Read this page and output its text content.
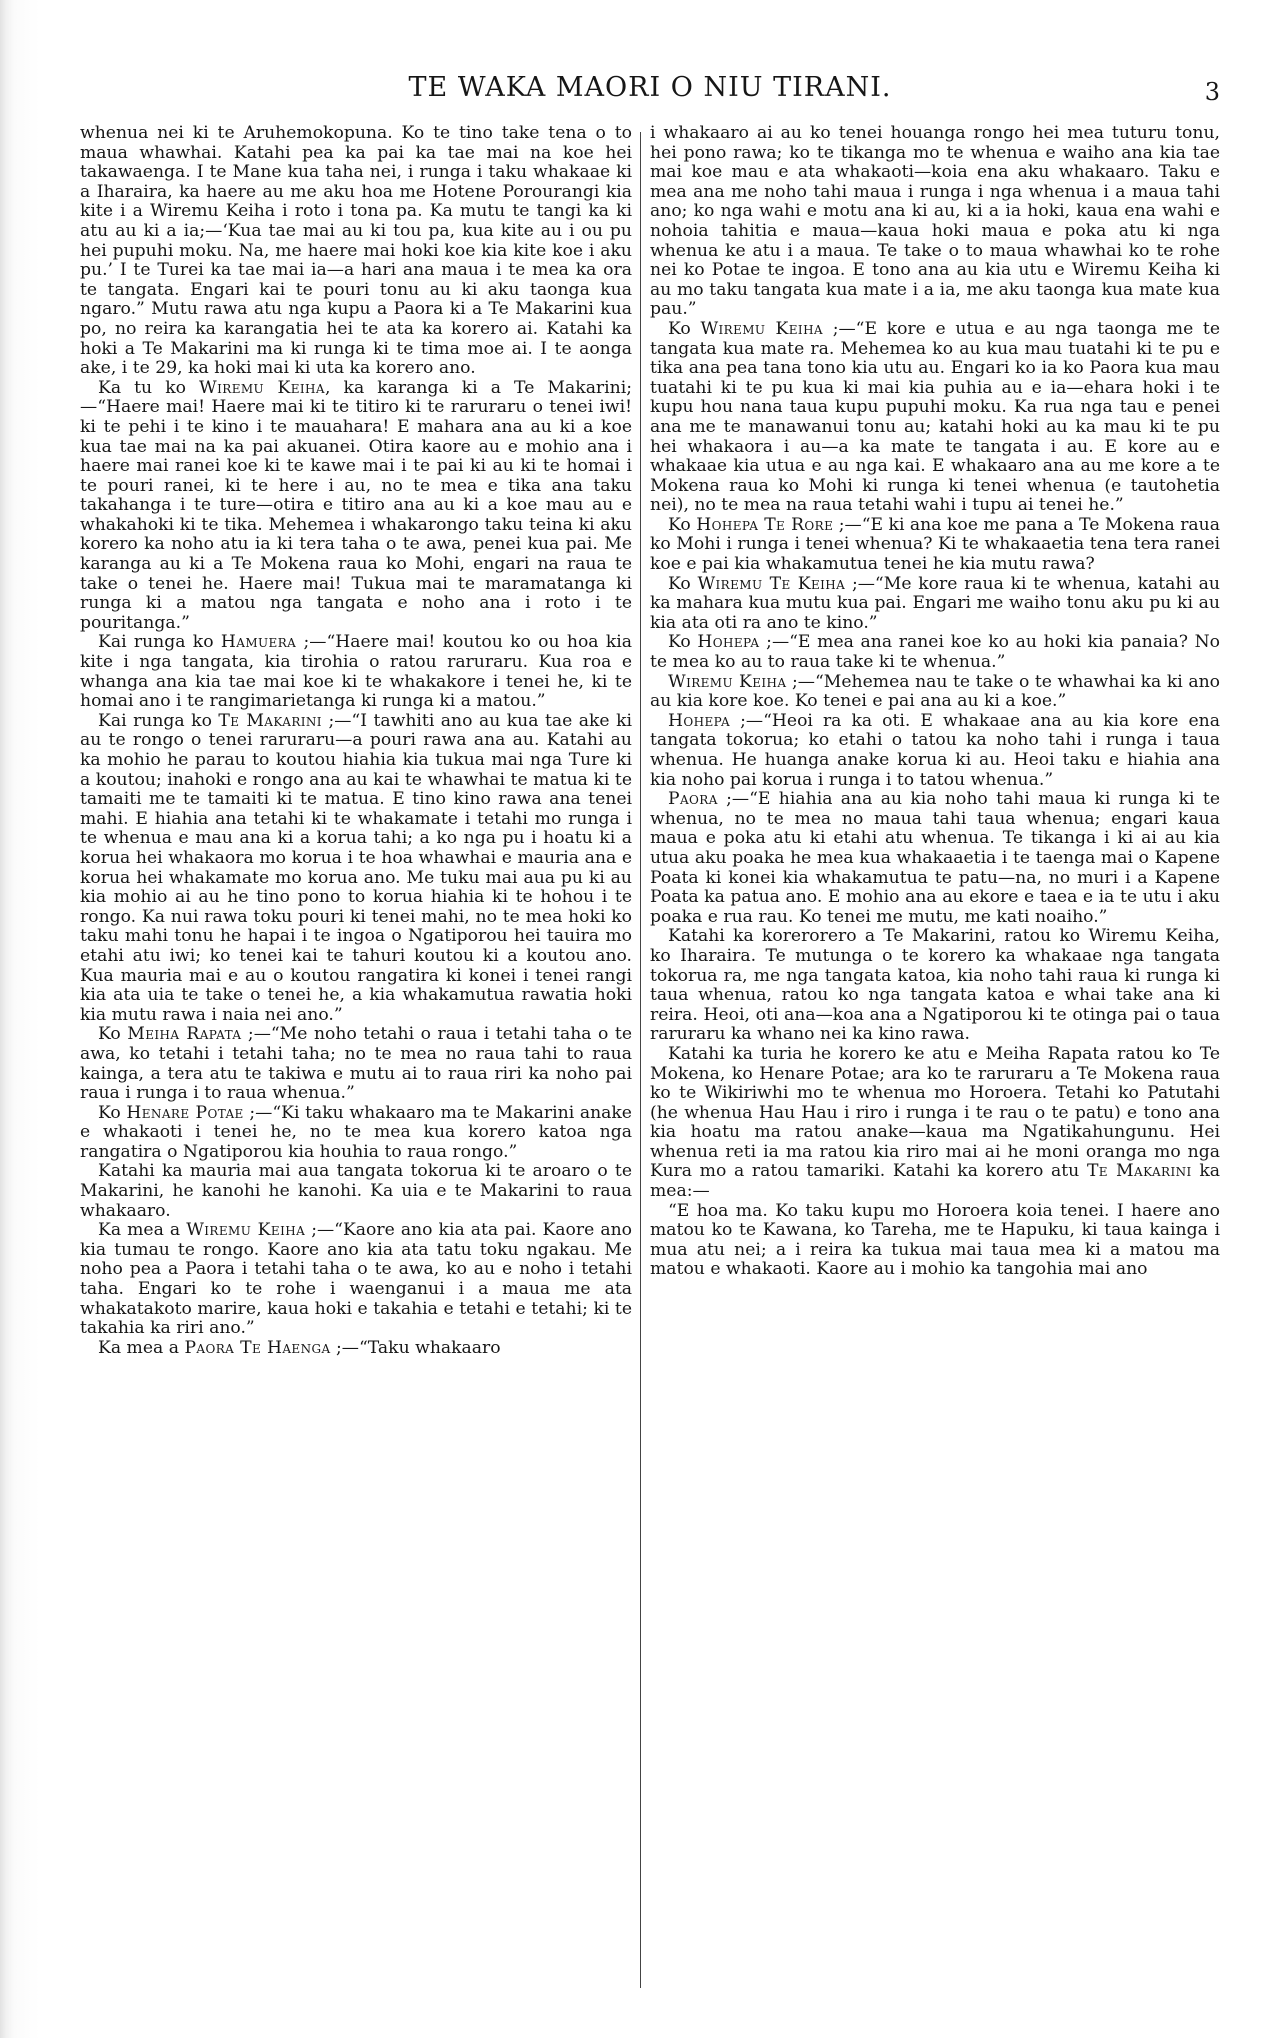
TE WAKA MAORI O NIU TIRANI.	3

whenua nei ki te Aruhemokopuna. Ko te tino take tena o to maua whawhai. Katahi pea ka pai ka tae mai na koe hei takawaenga. I te Mane kua taha nei, i runga i taku whakaae ki a Iharaira, ka haere au me aku hoa me Hotene Porourangi kia kite i a Wiremu Keiha i roto i tona pa. Ka mutu te tangi ka ki atu au ki a ia;—‘Kua tae mai au ki tou pa, kua kite au i ou pu hei pupuhi moku. Na, me haere mai hoki koe kia kite koe i aku pu.’ I te Turei ka tae mai ia—a hari ana maua i te mea ka ora te tangata. Engari kai te pouri tonu au ki aku taonga kua ngaro.” Mutu rawa atu nga kupu a Paora ki a Te Makarini kua po, no reira ka karangatia hei te ata ka korero ai. Katahi ka hoki a Te Makarini ma ki runga ki te tima moe ai. I te aonga ake, i te 29, ka hoki mai ki uta ka korero ano.

Ka tu ko Wiremu Keiha, ka karanga ki a Te Makarini;—“Haere mai! Haere mai ki te titiro ki te raruraru o tenei iwi! ki te pehi i te kino i te mauahara! E mahara ana au ki a koe kua tae mai na ka pai akuanei. Otira kaore au e mohio ana i haere mai ranei koe ki te kawe mai i te pai ki au ki te homai i te pouri ranei, ki te here i au, no te mea e tika ana taku takahanga i te ture—otira e titiro ana au ki a koe mau au e whakahoki ki te tika. Mehemea i whakarongo taku teina ki aku korero ka noho atu ia ki tera taha o te awa, penei kua pai. Me karanga au ki a Te Mokena raua ko Mohi, engari na raua te take o tenei he. Haere mai! Tukua mai te maramatanga ki runga ki a matou nga tangata e noho ana i roto i te pouritanga.”

Kai runga ko Hamuera ;—“Haere mai! koutou ko ou hoa kia kite i nga tangata, kia tirohia o ratou raruraru. Kua roa e whanga ana kia tae mai koe ki te whakakore i tenei he, ki te homai ano i te rangimarietanga ki runga ki a matou.”

Kai runga ko Te Makarini ;—“I tawhiti ano au kua tae ake ki au te rongo o tenei raruraru—a pouri rawa ana au. Katahi au ka mohio he parau to koutou hiahia kia tukua mai nga Ture ki a koutou; inahoki e rongo ana au kai te whawhai te matua ki te tamaiti me te tamaiti ki te matua. E tino kino rawa ana tenei mahi. E hiahia ana tetahi ki te whakamate i tetahi mo runga i te whenua e mau ana ki a korua tahi; a ko nga pu i hoatu ki a korua hei whakaora mo korua i te hoa whawhai e mauria ana e korua hei whakamate mo korua ano. Me tuku mai aua pu ki au kia mohio ai au he tino pono to korua hiahia ki te hohou i te rongo. Ka nui rawa toku pouri ki tenei mahi, no te mea hoki ko taku mahi tonu he hapai i te ingoa o Ngatiporou hei tauira mo etahi atu iwi; ko tenei kai te tahuri koutou ki a koutou ano. Kua mauria mai e au o koutou rangatira ki konei i tenei rangi kia ata uia te take o tenei he, a kia whakamutua rawatia hoki kia mutu rawa i naia nei ano.”

Ko Meiha Rapata ;—“Me noho tetahi o raua i tetahi taha o te awa, ko tetahi i tetahi taha; no te mea no raua tahi to raua kainga, a tera atu te takiwa e mutu ai to raua riri ka noho pai raua i runga i to raua whenua.”

Ko Henare Potae ;—“Ki taku whakaaro ma te Makarini anake e whakaoti i tenei he, no te mea kua korero katoa nga rangatira o Ngatiporou kia houhia to raua rongo.”

Katahi ka mauria mai aua tangata tokorua ki te aroaro o te Makarini, he kanohi he kanohi. Ka uia e te Makarini to raua whakaaro.

Ka mea a Wiremu Keiha ;—“Kaore ano kia ata pai. Kaore ano kia tumau te rongo. Kaore ano kia ata tatu toku ngakau. Me noho pea a Paora i tetahi taha o te awa, ko au e noho i tetahi taha. Engari ko te rohe i waenganui i a maua me ata whakatakoto marire, kaua hoki e takahia e tetahi e tetahi; ki te takahia ka riri ano.”

Ka mea a Paora Te Haenga ;—“Taku whakaaro

i whakaaro ai au ko tenei houanga rongo hei mea tuturu tonu, hei pono rawa; ko te tikanga mo te whenua e waiho ana kia tae mai koe mau e ata whakaoti—koia ena aku whakaaro. Taku e mea ana me noho tahi maua i runga i nga whenua i a maua tahi ano; ko nga wahi e motu ana ki au, ki a ia hoki, kaua ena wahi e nohoia tahitia e maua—kaua hoki maua e poka atu ki nga whenua ke atu i a maua. Te take o to maua whawhai ko te rohe nei ko Potae te ingoa. E tono ana au kia utu e Wiremu Keiha ki au mo taku tangata kua mate i a ia, me aku taonga kua mate kua pau.”

Ko Wiremu Keiha ;—“E kore e utua e au nga taonga me te tangata kua mate ra. Mehemea ko au kua mau tuatahi ki te pu e tika ana pea tana tono kia utu au. Engari ko ia ko Paora kua mau tuatahi ki te pu kua ki mai kia puhia au e ia—ehara hoki i te kupu hou nana taua kupu pupuhi moku. Ka rua nga tau e penei ana me te manawanui tonu au; katahi hoki au ka mau ki te pu hei whakaora i au—a ka mate te tangata i au. E kore au e whakaae kia utua e au nga kai. E whakaaro ana au me kore a te Mokena raua ko Mohi ki runga ki tenei whenua (e tautohetia nei), no te mea na raua tetahi wahi i tupu ai tenei he.”

Ko Hohepa Te Rore ;—“E ki ana koe me pana a Te Mokena raua ko Mohi i runga i tenei whenua? Ki te whakaaetia tena tera ranei koe e pai kia whakamutua tenei he kia mutu rawa?

Ko Wiremu Te Keiha ;—“Me kore raua ki te whenua, katahi au ka mahara kua mutu kua pai. Engari me waiho tonu aku pu ki au kia ata oti ra ano te kino.”

Ko Hohepa ;—“E mea ana ranei koe ko au hoki kia panaia? No te mea ko au to raua take ki te whenua.”

Wiremu Keiha ;—“Mehemea nau te take o te whawhai ka ki ano au kia kore koe. Ko tenei e pai ana au ki a koe.”

Hohepa ;—“Heoi ra ka oti. E whakaae ana au kia kore ena tangata tokorua; ko etahi o tatou ka noho tahi i runga i taua whenua. He huanga anake korua ki au. Heoi taku e hiahia ana kia noho pai korua i runga i to tatou whenua.”

Paora ;—“E hiahia ana au kia noho tahi maua ki runga ki te whenua, no te mea no maua tahi taua whenua; engari kaua maua e poka atu ki etahi atu whenua. Te tikanga i ki ai au kia utua aku poaka he mea kua whakaaetia i te taenga mai o Kapene Poata ki konei kia whakamutua te patu—na, no muri i a Kapene Poata ka patua ano. E mohio ana au ekore e taea e ia te utu i aku poaka e rua rau. Ko tenei me mutu, me kati noaiho.”

Katahi ka korerorero a Te Makarini, ratou ko Wiremu Keiha, ko Iharaira. Te mutunga o te korero ka whakaae nga tangata tokorua ra, me nga tangata katoa, kia noho tahi raua ki runga ki taua whenua, ratou ko nga tangata katoa e whai take ana ki reira. Heoi, oti ana—koa ana a Ngatiporou ki te otinga pai o taua raruraru ka whano nei ka kino rawa.

Katahi ka turia he korero ke atu e Meiha Rapata ratou ko Te Mokena, ko Henare Potae; ara ko te raruraru a Te Mokena raua ko te Wikiriwhi mo te whenua mo Horoera. Tetahi ko Patutahi (he whenua Hau Hau i riro i runga i te rau o te patu) e tono ana kia hoatu ma ratou anake—kaua ma Ngatikahungunu. Hei whenua reti ia ma ratou kia riro mai ai he moni oranga mo nga Kura mo a ratou tamariki. Katahi ka korero atu Te Makarini ka mea:—

“E hoa ma. Ko taku kupu mo Horoera koia tenei. I haere ano matou ko te Kawana, ko Tareha, me te Hapuku, ki taua kainga i mua atu nei; a i reira ka tukua mai taua mea ki a matou ma matou e whakaoti. Kaore au i mohio ka tangohia mai ano
